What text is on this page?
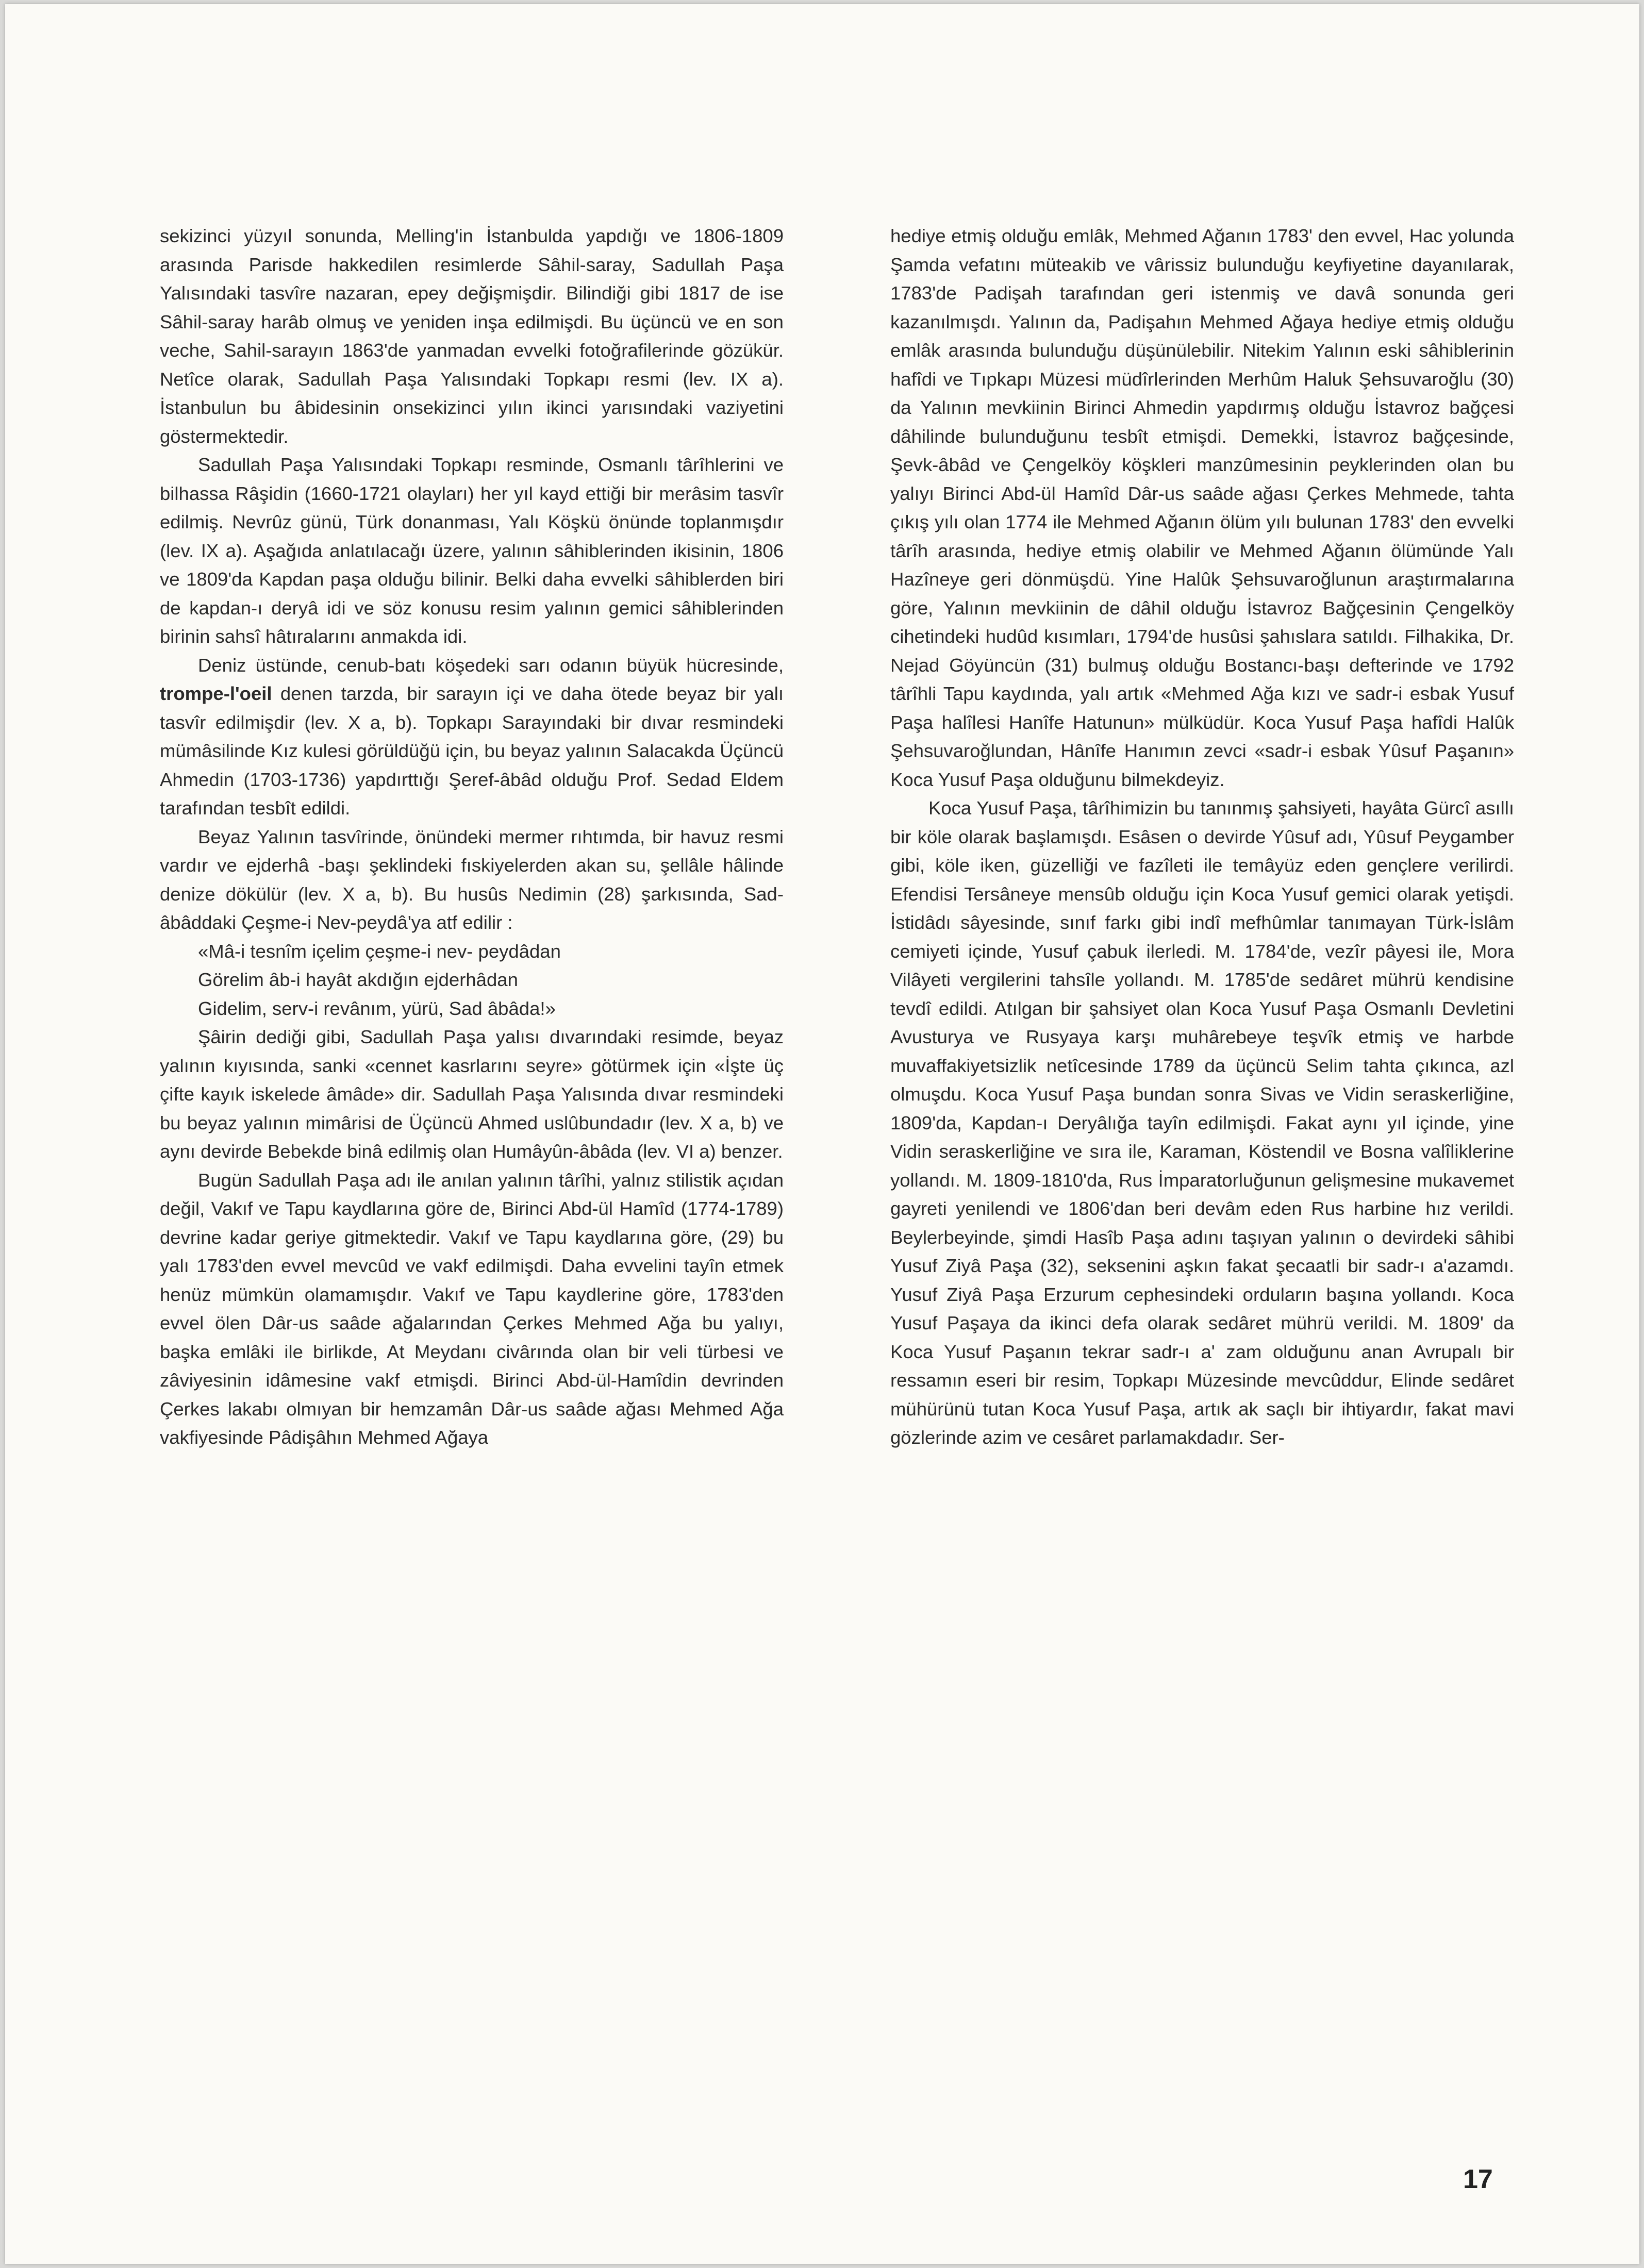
sekizinci yüzyıl sonunda, Melling'in İstanbulda yapdığı ve 1806-1809 arasında Parisde hakkedilen resimlerde Sâhil-saray, Sadullah Paşa Yalısındaki tasvîre nazaran, epey değişmişdir. Bilindiği gibi 1817 de ise Sâhil-saray harâb olmuş ve yeniden inşa edilmişdi. Bu üçüncü ve en son veche, Sahil-sarayın 1863'de yanmadan evvelki fotoğrafilerinde gözükür. Netîce olarak, Sadullah Paşa Yalısındaki Topkapı resmi (lev. IX a). İstanbulun bu âbidesinin onsekizinci yılın ikinci yarısındaki vaziyetini göstermektedir.

Sadullah Paşa Yalısındaki Topkapı resminde, Osmanlı târîhlerini ve bilhassa Râşidin (1660-1721 olayları) her yıl kayd ettiği bir merâsim tasvîr edilmiş. Nevrûz günü, Türk donanması, Yalı Köşkü önünde toplanmışdır (lev. IX a). Aşağıda anlatılacağı üzere, yalının sâhiblerinden ikisinin, 1806 ve 1809'da Kapdan paşa olduğu bilinir. Belki daha evvelki sâhiblerden biri de kapdan-ı deryâ idi ve söz konusu resim yalının gemici sâhiblerinden birinin sahsî hâtıralarını anmakda idi.

Deniz üstünde, cenub-batı köşedeki sarı odanın büyük hücresinde, trompe-l'oeil denen tarzda, bir sarayın içi ve daha ötede beyaz bir yalı tasvîr edilmişdir (lev. X a, b). Topkapı Sarayındaki bir dıvar resmindeki mümâsilinde Kız kulesi görüldüğü için, bu beyaz yalının Salacakda Üçüncü Ahmedin (1703-1736) yapdırttığı Şeref-âbâd olduğu Prof. Sedad Eldem tarafından tesbît edildi.

Beyaz Yalının tasvîrinde, önündeki mermer rıhtımda, bir havuz resmi vardır ve ejderhâ -başı şeklindeki fıskiyelerden akan su, şellâle hâlinde denize dökülür (lev. X a, b). Bu husûs Nedimin (28) şarkısında, Sad-âbâddaki Çeşme-i Nev-peydâ'ya atf edilir :

«Mâ-i tesnîm içelim çeşme-i nev- peydâdan

Görelim âb-i hayât akdığın ejderhâdan

Gidelim, serv-i revânım, yürü, Sad âbâda!»

Şâirin dediği gibi, Sadullah Paşa yalısı dıvarındaki resimde, beyaz yalının kıyısında, sanki «cennet kasrlarını seyre» götürmek için «İşte üç çifte kayık iskelede âmâde» dir. Sadullah Paşa Yalısında dıvar resmindeki bu beyaz yalının mimârisi de Üçüncü Ahmed uslûbundadır (lev. X a, b) ve aynı devirde Bebekde binâ edilmiş olan Humâyûn-âbâda (lev. VI a) benzer.

Bugün Sadullah Paşa adı ile anılan yalının târîhi, yalnız stilistik açıdan değil, Vakıf ve Tapu kaydlarına göre de, Birinci Abd-ül Hamîd (1774-1789) devrine kadar geriye gitmektedir. Vakıf ve Tapu kaydlarına göre, (29) bu yalı 1783'den evvel mevcûd ve vakf edilmişdi. Daha evvelini tayîn etmek henüz mümkün olamamışdır. Vakıf ve Tapu kaydlerine göre, 1783'den evvel ölen Dâr-us saâde ağalarından Çerkes Mehmed Ağa bu yalıyı, başka emlâki ile birlikde, At Meydanı civârında olan bir veli türbesi ve zâviyesinin idâmesine vakf etmişdi. Birinci Abd-ül-Hamîdin devrinden Çerkes lakabı olmıyan bir hemzamân Dâr-us saâde ağası Mehmed Ağa vakfiyesinde Pâdişâhın Mehmed Ağaya

hediye etmiş olduğu emlâk, Mehmed Ağanın 1783' den evvel, Hac yolunda Şamda vefatını müteakib ve vârissiz bulunduğu keyfiyetine dayanılarak, 1783'de Padişah tarafından geri istenmiş ve davâ sonunda geri kazanılmışdı. Yalının da, Padişahın Mehmed Ağaya hediye etmiş olduğu emlâk arasında bulunduğu düşünülebilir. Nitekim Yalının eski sâhiblerinin hafîdi ve Tıpkapı Müzesi müdîrlerinden Merhûm Haluk Şehsuvaroğlu (30) da Yalının mevkiinin Birinci Ahmedin yapdırmış olduğu İstavroz bağçesi dâhilinde bulunduğunu tesbît etmişdi. Demekki, İstavroz bağçesinde, Şevk-âbâd ve Çengelköy köşkleri manzûmesinin peyklerinden olan bu yalıyı Birinci Abd-ül Hamîd Dâr-us saâde ağası Çerkes Mehmede, tahta çıkış yılı olan 1774 ile Mehmed Ağanın ölüm yılı bulunan 1783' den evvelki târîh arasında, hediye etmiş olabilir ve Mehmed Ağanın ölümünde Yalı Hazîneye geri dönmüşdü. Yine Halûk Şehsuvaroğlunun araştırmalarına göre, Yalının mevkiinin de dâhil olduğu İstavroz Bağçesinin Çengelköy cihetindeki hudûd kısımları, 1794'de husûsi şahıslara satıldı. Filhakika, Dr. Nejad Göyüncün (31) bulmuş olduğu Bostancı-başı defterinde ve 1792 târîhli Tapu kaydında, yalı artık «Mehmed Ağa kızı ve sadr-i esbak Yusuf Paşa halîlesi Hanîfe Hatunun» mülküdür. Koca Yusuf Paşa hafîdi Halûk Şehsuvaroğlundan, Hânîfe Hanımın zevci «sadr-i esbak Yûsuf Paşanın» Koca Yusuf Paşa olduğunu bilmekdeyiz.

Koca Yusuf Paşa, târîhimizin bu tanınmış şahsiyeti, hayâta Gürcî asıllı bir köle olarak başlamışdı. Esâsen o devirde Yûsuf adı, Yûsuf Peygamber gibi, köle iken, güzelliği ve fazîleti ile temâyüz eden gençlere verilirdi. Efendisi Tersâneye mensûb olduğu için Koca Yusuf gemici olarak yetişdi. İstidâdı sâyesinde, sınıf farkı gibi indî mefhûmlar tanımayan Türk-İslâm cemiyeti içinde, Yusuf çabuk ilerledi. M. 1784'de, vezîr pâyesi ile, Mora Vilâyeti vergilerini tahsîle yollandı. M. 1785'de sedâret mührü kendisine tevdî edildi. Atılgan bir şahsiyet olan Koca Yusuf Paşa Osmanlı Devletini Avusturya ve Rusyaya karşı muhârebeye teşvîk etmiş ve harbde muvaffakiyetsizlik netîcesinde 1789 da üçüncü Selim tahta çıkınca, azl olmuşdu. Koca Yusuf Paşa bundan sonra Sivas ve Vidin seraskerliğine, 1809'da, Kapdan-ı Deryâlığa tayîn edilmişdi. Fakat aynı yıl içinde, yine Vidin seraskerliğine ve sıra ile, Karaman, Köstendil ve Bosna valîliklerine yollandı. M. 1809-1810'da, Rus İmparatorluğunun gelişmesine mukavemet gayreti yenilendi ve 1806'dan beri devâm eden Rus harbine hız verildi. Beylerbeyinde, şimdi Hasîb Paşa adını taşıyan yalının o devirdeki sâhibi Yusuf Ziyâ Paşa (32), seksenini aşkın fakat şecaatli bir sadr-ı a'azamdı. Yusuf Ziyâ Paşa Erzurum cephesindeki orduların başına yollandı. Koca Yusuf Paşaya da ikinci defa olarak sedâret mührü verildi. M. 1809' da Koca Yusuf Paşanın tekrar sadr-ı a' zam olduğunu anan Avrupalı bir ressamın eseri bir resim, Topkapı Müzesinde mevcûddur, Elinde sedâret mühürünü tutan Koca Yusuf Paşa, artık ak saçlı bir ihtiyardır, fakat mavi gözlerinde azim ve cesâret parlamakdadır. Ser-

17
